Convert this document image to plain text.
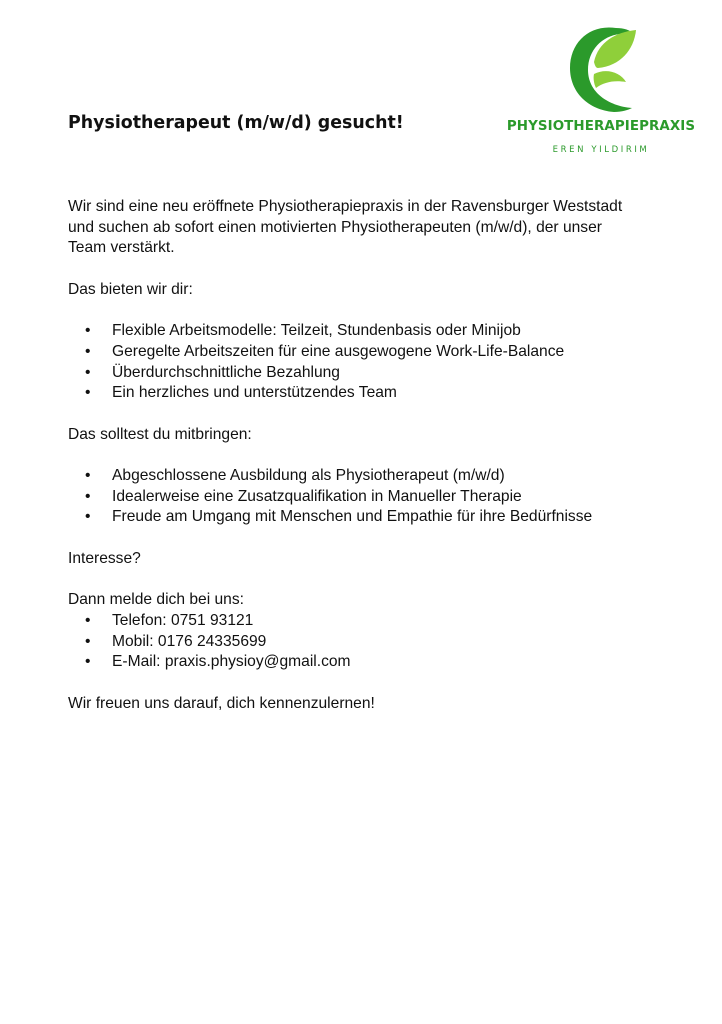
PHYSIOTHERAPIEPRAXIS
EREN YILDIRIM
Physiotherapeut (m/w/d) gesucht!

Wir sind eine neu eröffnete Physiotherapiepraxis in der Ravensburger Weststadt und suchen ab sofort einen motivierten Physiotherapeuten (m/w/d), der unser Team verstärkt.

Das bieten wir dir:

• Flexible Arbeitsmodelle: Teilzeit, Stundenbasis oder Minijob
• Geregelte Arbeitszeiten für eine ausgewogene Work-Life-Balance
• Überdurchschnittliche Bezahlung
• Ein herzliches und unterstützendes Team

Das solltest du mitbringen:

• Abgeschlossene Ausbildung als Physiotherapeut (m/w/d)
• Idealerweise eine Zusatzqualifikation in Manueller Therapie
• Freude am Umgang mit Menschen und Empathie für ihre Bedürfnisse

Interesse?

Dann melde dich bei uns:

• Telefon: 0751 93121
• Mobil: 0176 24335699
• E-Mail: praxis.physioy@gmail.com

Wir freuen uns darauf, dich kennenzulernen!
